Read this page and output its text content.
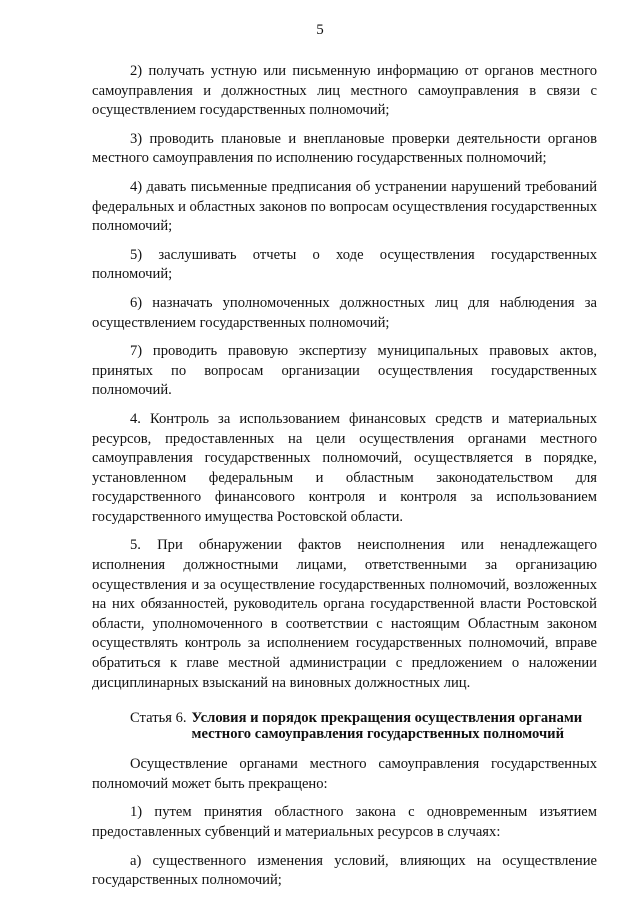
5

2) получать устную или письменную информацию от органов местного самоуправления и должностных лиц местного самоуправления в связи с осуществлением государственных полномочий;

3) проводить плановые и внеплановые проверки деятельности органов местного самоуправления по исполнению государственных полномочий;

4) давать письменные предписания об устранении нарушений требований федеральных и областных законов по вопросам осуществления государственных полномочий;

5) заслушивать отчеты о ходе осуществления государственных полномочий;

6) назначать уполномоченных должностных лиц для наблюдения за осуществлением государственных полномочий;

7) проводить правовую экспертизу муниципальных правовых актов, принятых по вопросам организации осуществления государственных полномочий.

4. Контроль за использованием финансовых средств и материальных ресурсов, предоставленных на цели осуществления органами местного самоуправления государственных полномочий, осуществляется в порядке, установленном федеральным и областным законодательством для государственного финансового контроля и контроля за использованием государственного имущества Ростовской области.

5. При обнаружении фактов неисполнения или ненадлежащего исполнения должностными лицами, ответственными за организацию осуществления и за осуществление государственных полномочий, возложенных на них обязанностей, руководитель органа государственной власти Ростовской области, уполномоченного в соответствии с настоящим Областным законом осуществлять контроль за исполнением государственных полномочий, вправе обратиться к главе местной администрации с предложением о наложении дисциплинарных взысканий на виновных должностных лиц.

Статья 6. Условия и порядок прекращения осуществления органами местного самоуправления государственных полномочий

Осуществление органами местного самоуправления государственных полномочий может быть прекращено:

1) путем принятия областного закона с одновременным изъятием предоставленных субвенций и материальных ресурсов в случаях:

а) существенного изменения условий, влияющих на осуществление государственных полномочий;
